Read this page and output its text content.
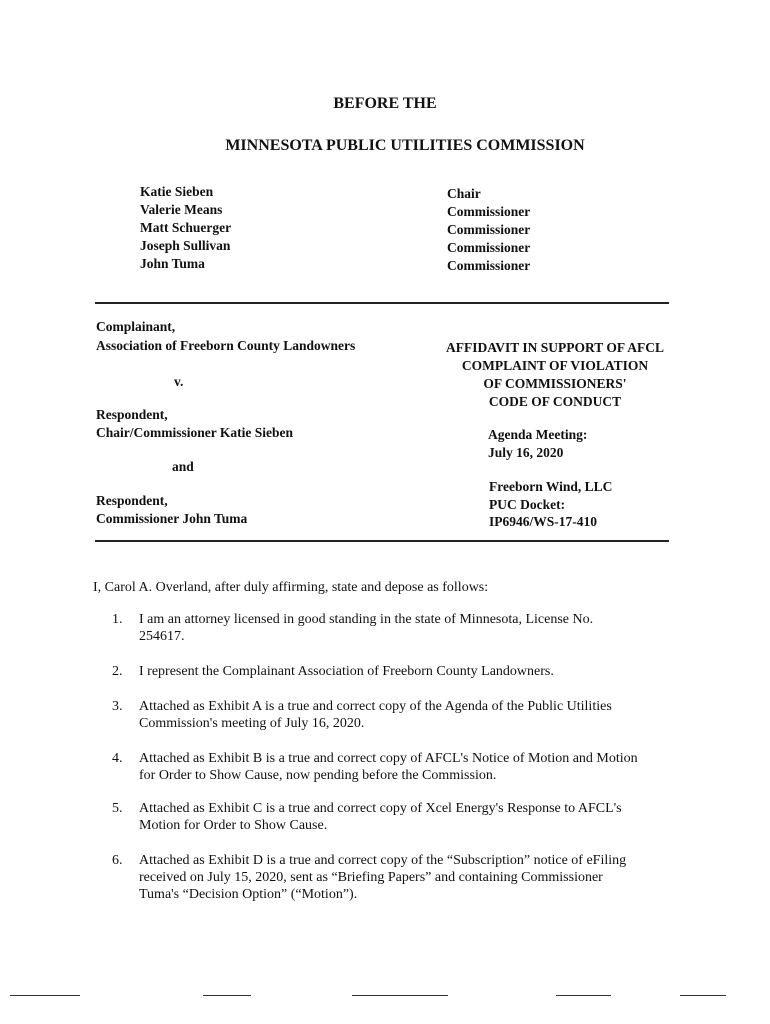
BEFORE THE
MINNESOTA PUBLIC UTILITIES COMMISSION
Katie Sieben
Valerie Means
Matt Schuerger
Joseph Sullivan
John Tuma
Chair
Commissioner
Commissioner
Commissioner
Commissioner
Complainant,
Association of Freeborn County Landowners
v.
Respondent,
Chair/Commissioner Katie Sieben
and
Respondent,
Commissioner John Tuma
AFFIDAVIT IN SUPPORT OF AFCL
COMPLAINT OF VIOLATION
OF COMMISSIONERS'
CODE OF CONDUCT
Agenda Meeting:
July 16, 2020
Freeborn Wind, LLC
PUC Docket:
IP6946/WS-17-410
I, Carol A. Overland, after duly affirming, state and depose as follows:
1. I am an attorney licensed in good standing in the state of Minnesota, License No.
254617.
2. I represent the Complainant Association of Freeborn County Landowners.
3. Attached as Exhibit A is a true and correct copy of the Agenda of the Public Utilities
Commission's meeting of July 16, 2020.
4. Attached as Exhibit B is a true and correct copy of AFCL's Notice of Motion and Motion
for Order to Show Cause, now pending before the Commission.
5. Attached as Exhibit C is a true and correct copy of Xcel Energy's Response to AFCL's
Motion for Order to Show Cause.
6. Attached as Exhibit D is a true and correct copy of the “Subscription” notice of eFiling
received on July 15, 2020, sent as “Briefing Papers” and containing Commissioner
Tuma's “Decision Option” (“Motion”).
